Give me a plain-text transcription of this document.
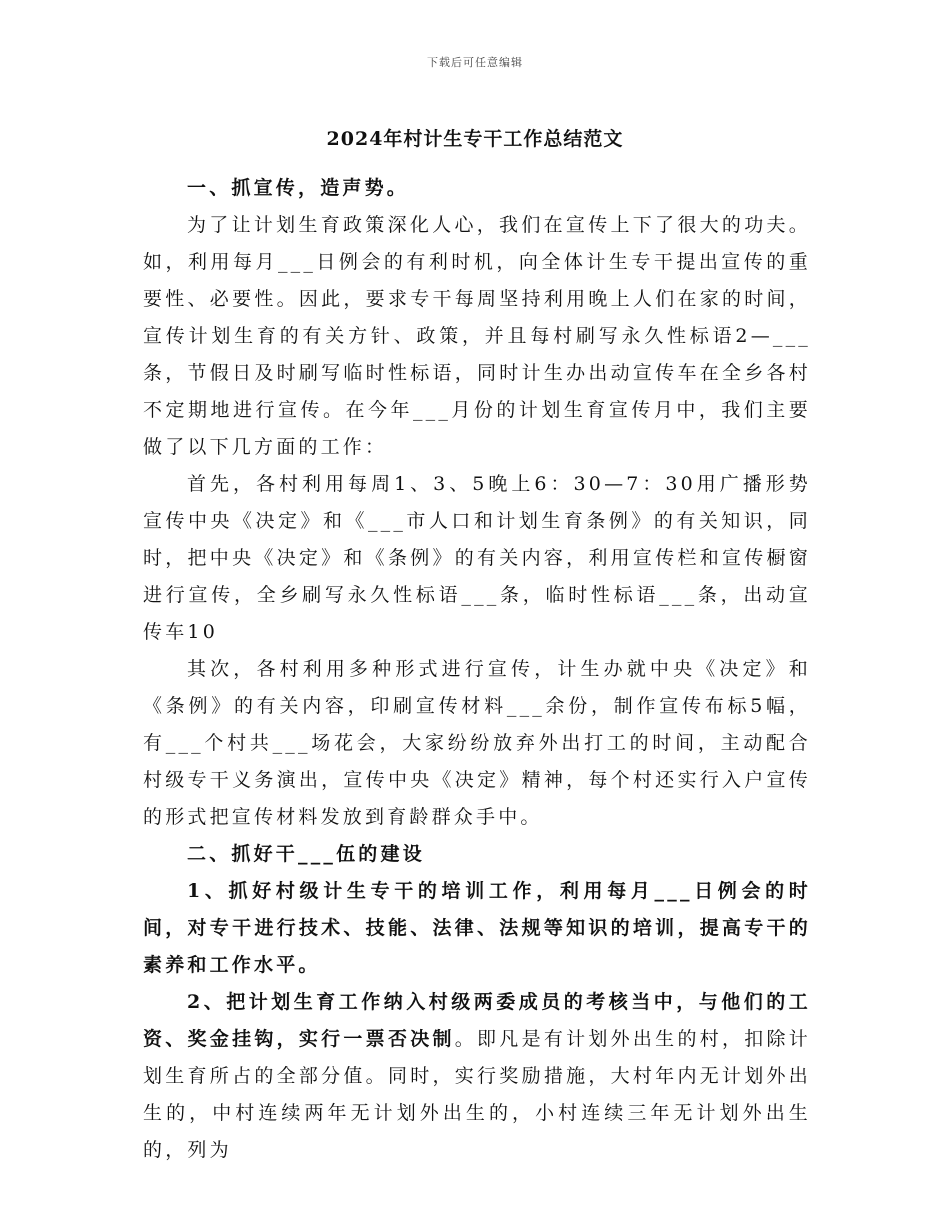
下载后可任意编辑
2024年村计生专干工作总结范文

一、抓宣传，造声势。

为了让计划生育政策深化人心，我们在宣传上下了很大的功夫。如，利用每月___日例会的有利时机，向全体计生专干提出宣传的重要性、必要性。因此，要求专干每周坚持利用晚上人们在家的时间，宣传计划生育的有关方针、政策，并且每村刷写永久性标语2—___条，节假日及时刷写临时性标语，同时计生办出动宣传车在全乡各村不定期地进行宣传。在今年___月份的计划生育宣传月中，我们主要做了以下几方面的工作：

首先，各村利用每周1、3、5晚上6：30—7：30用广播形势宣传中央《决定》和《___市人口和计划生育条例》的有关知识，同时，把中央《决定》和《条例》的有关内容，利用宣传栏和宣传橱窗进行宣传，全乡刷写永久性标语___条，临时性标语___条，出动宣传车10

其次，各村利用多种形式进行宣传，计生办就中央《决定》和《条例》的有关内容，印刷宣传材料___余份，制作宣传布标5幅，有___个村共___场花会，大家纷纷放弃外出打工的时间，主动配合村级专干义务演出，宣传中央《决定》精神，每个村还实行入户宣传的形式把宣传材料发放到育龄群众手中。

二、抓好干___伍的建设

1、抓好村级计生专干的培训工作，利用每月___日例会的时间，对专干进行技术、技能、法律、法规等知识的培训，提高专干的素养和工作水平。

2、把计划生育工作纳入村级两委成员的考核当中，与他们的工资、奖金挂钩，实行一票否决制。即凡是有计划外出生的村，扣除计划生育所占的全部分值。同时，实行奖励措施，大村年内无计划外出生的，中村连续两年无计划外出生的，小村连续三年无计划外出生的，列为
